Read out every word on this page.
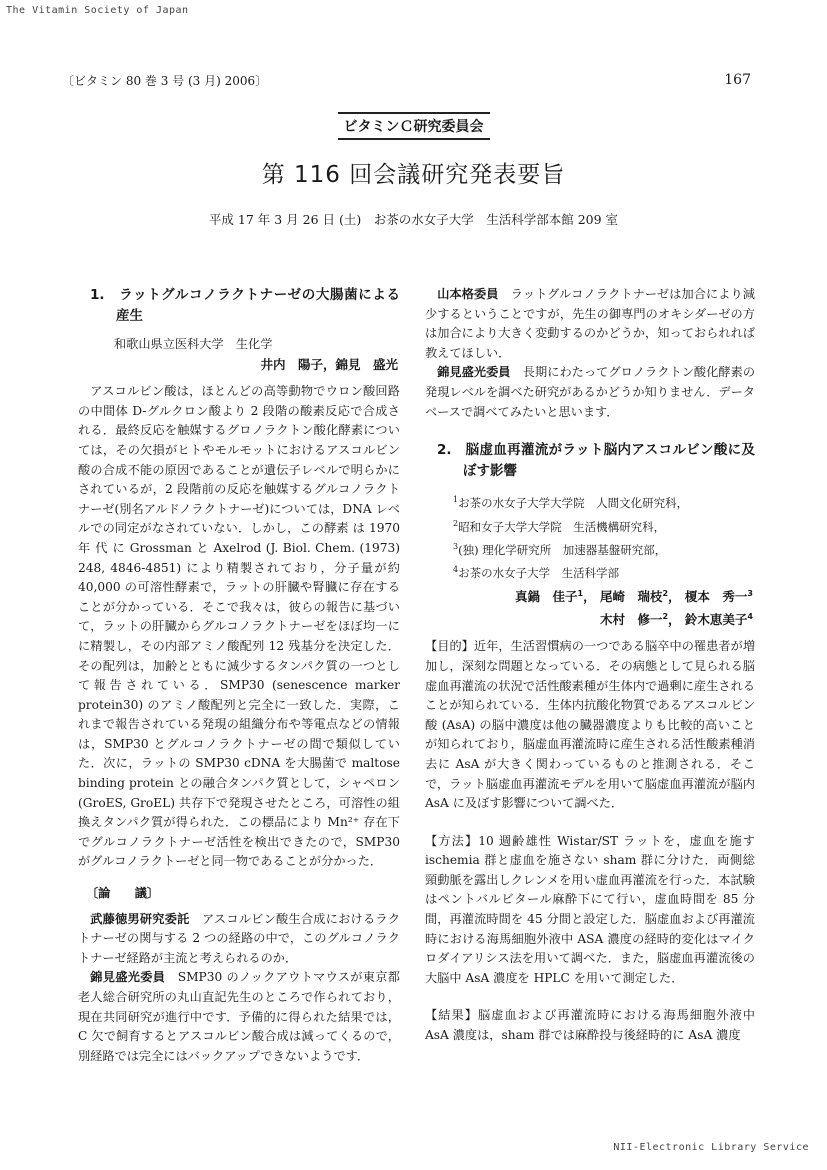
The Vitamin Society of Japan
〔ビタミン 80 巻 3 号 (3 月) 2006〕	167
ビタミンＣ研究委員会
第 116 回会議研究発表要旨
平成 17 年 3 月 26 日 (土)　お茶の水女子大学　生活科学部本館 209 室
1.　ラットグルコノラクトナーゼの大腸菌による産生
和歌山県立医科大学　生化学
井内　陽子，錦見　盛光

アスコルビン酸は，ほとんどの高等動物でウロン酸回路の中間体 D-グルクロン酸より 2 段階の酸素反応で合成される．最終反応を触媒するグロノラクトン酸化酵素については，その欠損がヒトやモルモットにおけるアスコルビン酸の合成不能の原因であることが遺伝子レベルで明らかにされているが，2 段階前の反応を触媒するグルコノラクトナーゼ(別名アルドノラクトナーゼ)については，DNA レベルでの同定がなされていない．しかし，この酵素 は 1970 年 代 に Grossman と Axelrod (J. Biol. Chem. (1973) 248, 4846-4851) により精製されており，分子量が約 40,000 の可溶性酵素で，ラットの肝臓や腎臓に存在することが分かっている．そこで我々は，彼らの報告に基づいて，ラットの肝臓からグルコノラクトナーゼをほぼ均一にに精製し，その内部アミノ酸配列 12 残基分を決定した．その配列は，加齢とともに減少するタンパク質の一つとして報告されている．SMP30 (senescence marker protein30) のアミノ酸配列と完全に一致した．実際，これまで報告されている発現の組織分布や等電点などの情報は，SMP30 とグルコノラクトナーゼの間で類似していた．次に，ラットの SMP30 cDNA を大腸菌で maltose binding protein との融合タンパク質として，シャペロン (GroES, GroEL) 共存下で発現させたところ，可溶性の組換えタンパク質が得られた．この標品により Mn²⁺ 存在下でグルコノラクトナーゼ活性を検出できたので，SMP30 がグルコノラクトーゼと同一物であることが分かった．

〔論　　議〕

武藤徳男研究委託　アスコルビン酸生合成におけるラクトナーゼの関与する 2 つの経路の中で，このグルコノラクトナーゼ経路が主流と考えられるのか．

錦見盛光委員　SMP30 のノックアウトマウスが東京都老人総合研究所の丸山直記先生のところで作られており，現在共同研究が進行中です．予備的に得られた結果では，C 欠で飼育するとアスコルビン酸合成は減ってくるので，別経路では完全にはバックアップできないようです．

山本格委員　ラットグルコノラクトナーゼは加合により減少するということですが，先生の御専門のオキシダーゼの方は加合により大きく変動するのかどうか，知っておられれば教えてほしい．

錦見盛光委員　長期にわたってグロノラクトン酸化酵素の発現レベルを調べた研究があるかどうか知りません．データベースで調べてみたいと思います．

2.　脳虚血再灌流がラット脳内アスコルビン酸に及ぼす影響
$^1$お茶の水女子大学大学院　人間文化研究科，
$^2$昭和女子大学大学院　生活機構研究科，
$^3$(独) 理化学研究所　加速器基盤研究部，
$^4$お茶の水女子大学　生活科学部
真鍋　佳子$^1$， 尾崎　瑞枝$^2$， 榎本　秀一$^3$
木村　修一$^2$， 鈴木恵美子$^4$

【目的】近年，生活習慣病の一つである脳卒中の罹患者が増加し，深刻な問題となっている．その病態として見られる脳虚血再灌流の状況で活性酸素種が生体内で過剰に産生されることが知られている．生体内抗酸化物質であるアスコルビン酸 (AsA) の脳中濃度は他の臓器濃度よりも比較的高いことが知られており，脳虚血再灌流時に産生される活性酸素種消去に AsA が大きく関わっているものと推測される．そこで，ラット脳虚血再灌流モデルを用いて脳虚血再灌流が脳内 AsA に及ぼす影響について調べた．

【方法】10 週齢雄性 Wistar/ST ラットを，虚血を施す ischemia 群と虚血を施さない sham 群に分けた．両側総頸動脈を露出しクレンメを用い虚血再灌流を行った．本試験はペントバルビタール麻酔下にて行い，虚血時間を 85 分間，再灌流時間を 45 分間と設定した．脳虚血および再灌流時における海馬細胞外液中 ASA 濃度の経時的変化はマイクロダイアリシス法を用いて調べた．また，脳虚血再灌流後の大脳中 AsA 濃度を HPLC を用いて測定した．

【結果】脳虚血および再灌流時における海馬細胞外液中 AsA 濃度は，sham 群では麻酔投与後経時的に AsA 濃度

NII-Electronic Library Service
